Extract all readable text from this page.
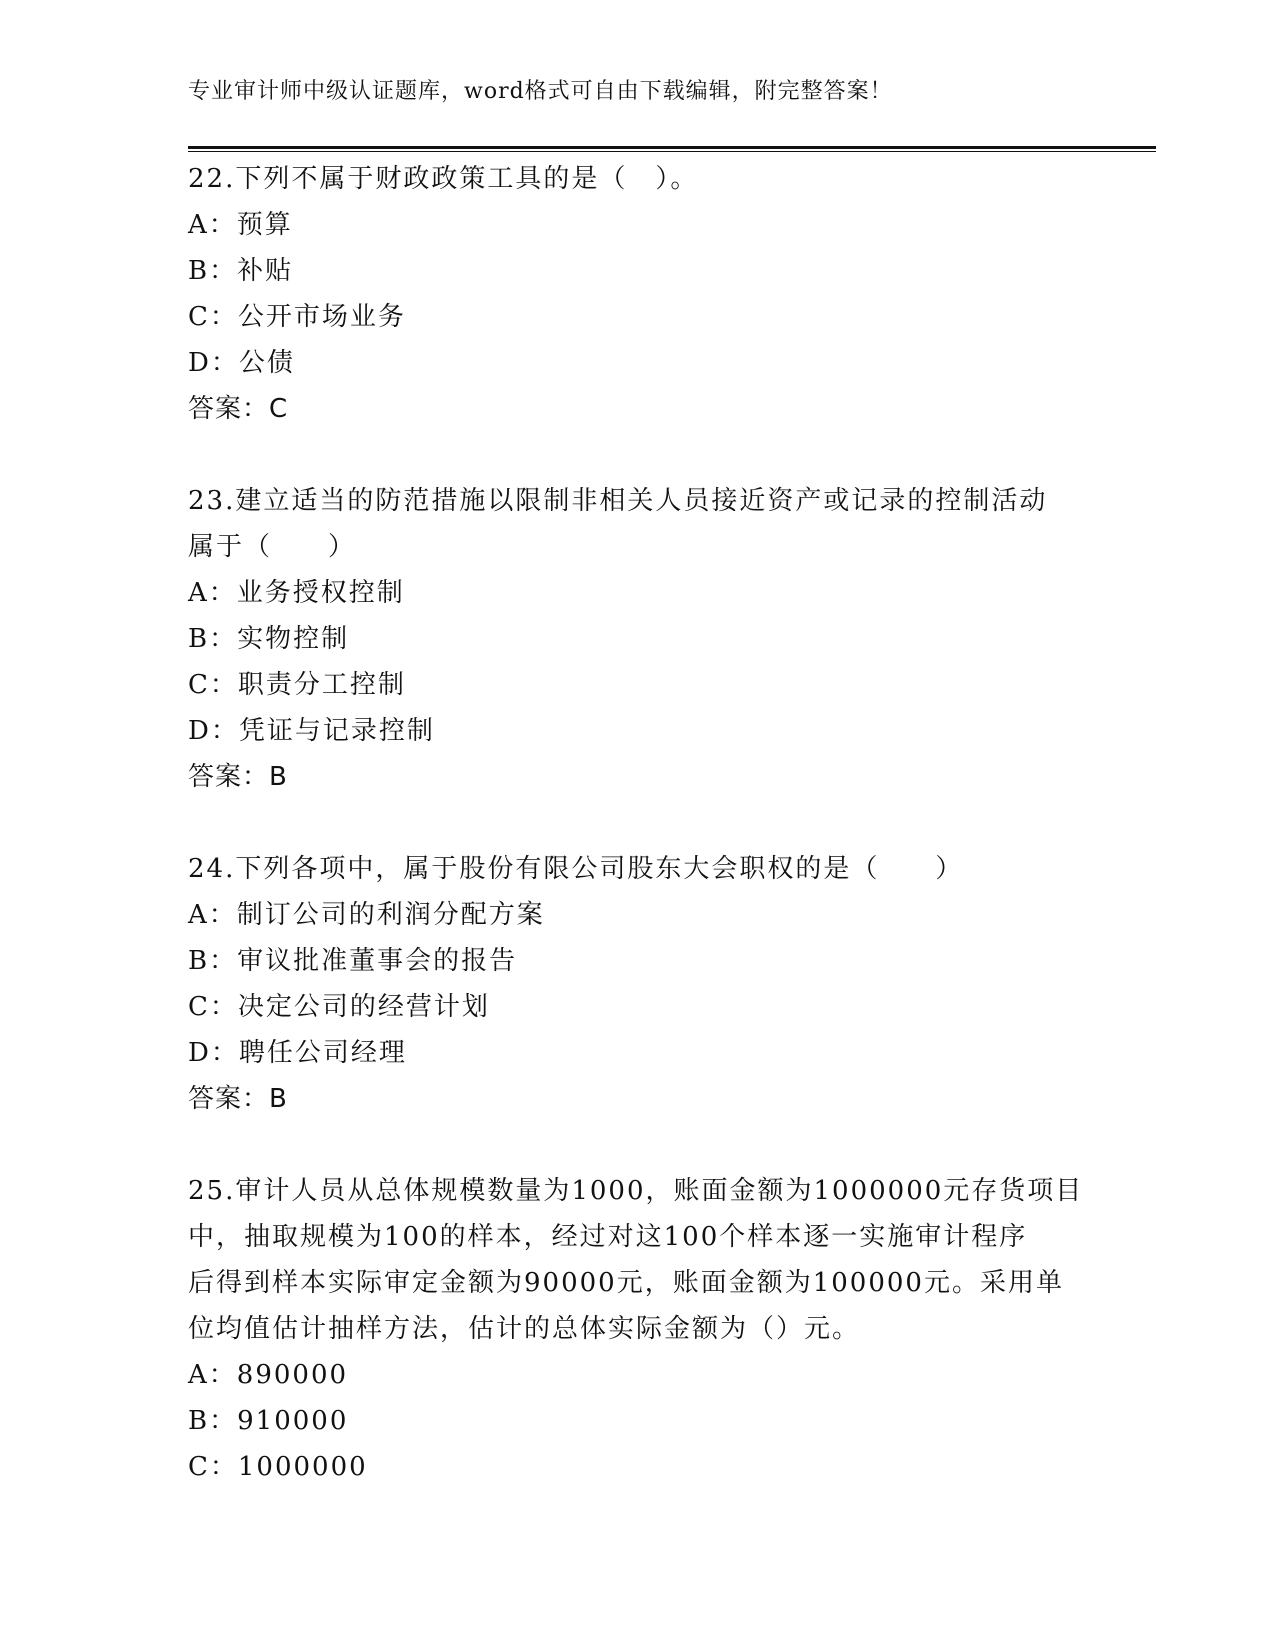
专业审计师中级认证题库，word格式可自由下载编辑，附完整答案！
22.下列不属于财政政策工具的是（　）。
A：预算
B：补贴
C：公开市场业务
D：公债
答案：C
23.建立适当的防范措施以限制非相关人员接近资产或记录的控制活动
属于（　　）
A：业务授权控制
B：实物控制
C：职责分工控制
D：凭证与记录控制
答案：B
24.下列各项中，属于股份有限公司股东大会职权的是（　　）
A：制订公司的利润分配方案
B：审议批准董事会的报告
C：决定公司的经营计划
D：聘任公司经理
答案：B
25.审计人员从总体规模数量为1000，账面金额为1000000元存货项目
中，抽取规模为100的样本，经过对这100个样本逐一实施审计程序
后得到样本实际审定金额为90000元，账面金额为100000元。采用单
位均值估计抽样方法，估计的总体实际金额为（）元。
A：890000
B：910000
C：1000000
